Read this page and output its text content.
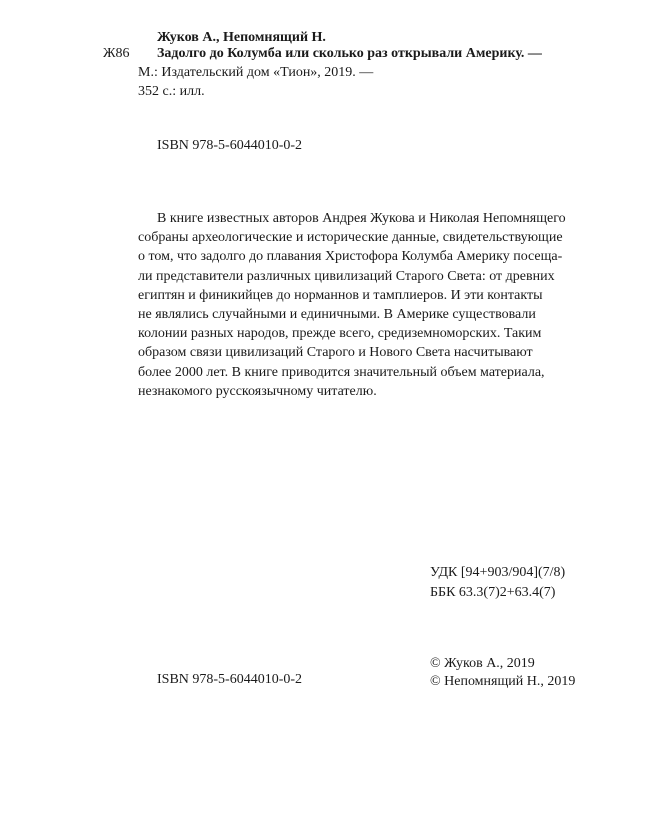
Жуков А., Непомнящий Н.
Ж86 Задолго до Колумба или сколько раз открывали Америку. —
М.: Издательский дом «Тион», 2019. —
352 с.: илл.
ISBN 978-5-6044010-0-2
В книге известных авторов Андрея Жукова и Николая Непомнящего
собраны археологические и исторические данные, свидетельствующие
о том, что задолго до плавания Христофора Колумба Америку посеща-
ли представители различных цивилизаций Старого Света: от древних
египтян и финикийцев до норманнов и тамплиеров. И эти контакты
не являлись случайными и единичными. В Америке существовали
колонии разных народов, прежде всего, средиземноморских. Таким
образом связи цивилизаций Старого и Нового Света насчитывают
более 2000 лет. В книге приводится значительный объем материала,
незнакомого русскоязычному читателю.
УДК [94+903/904](7/8)
ББК 63.3(7)2+63.4(7)
ISBN 978-5-6044010-0-2
© Жуков А., 2019
© Непомнящий Н., 2019
